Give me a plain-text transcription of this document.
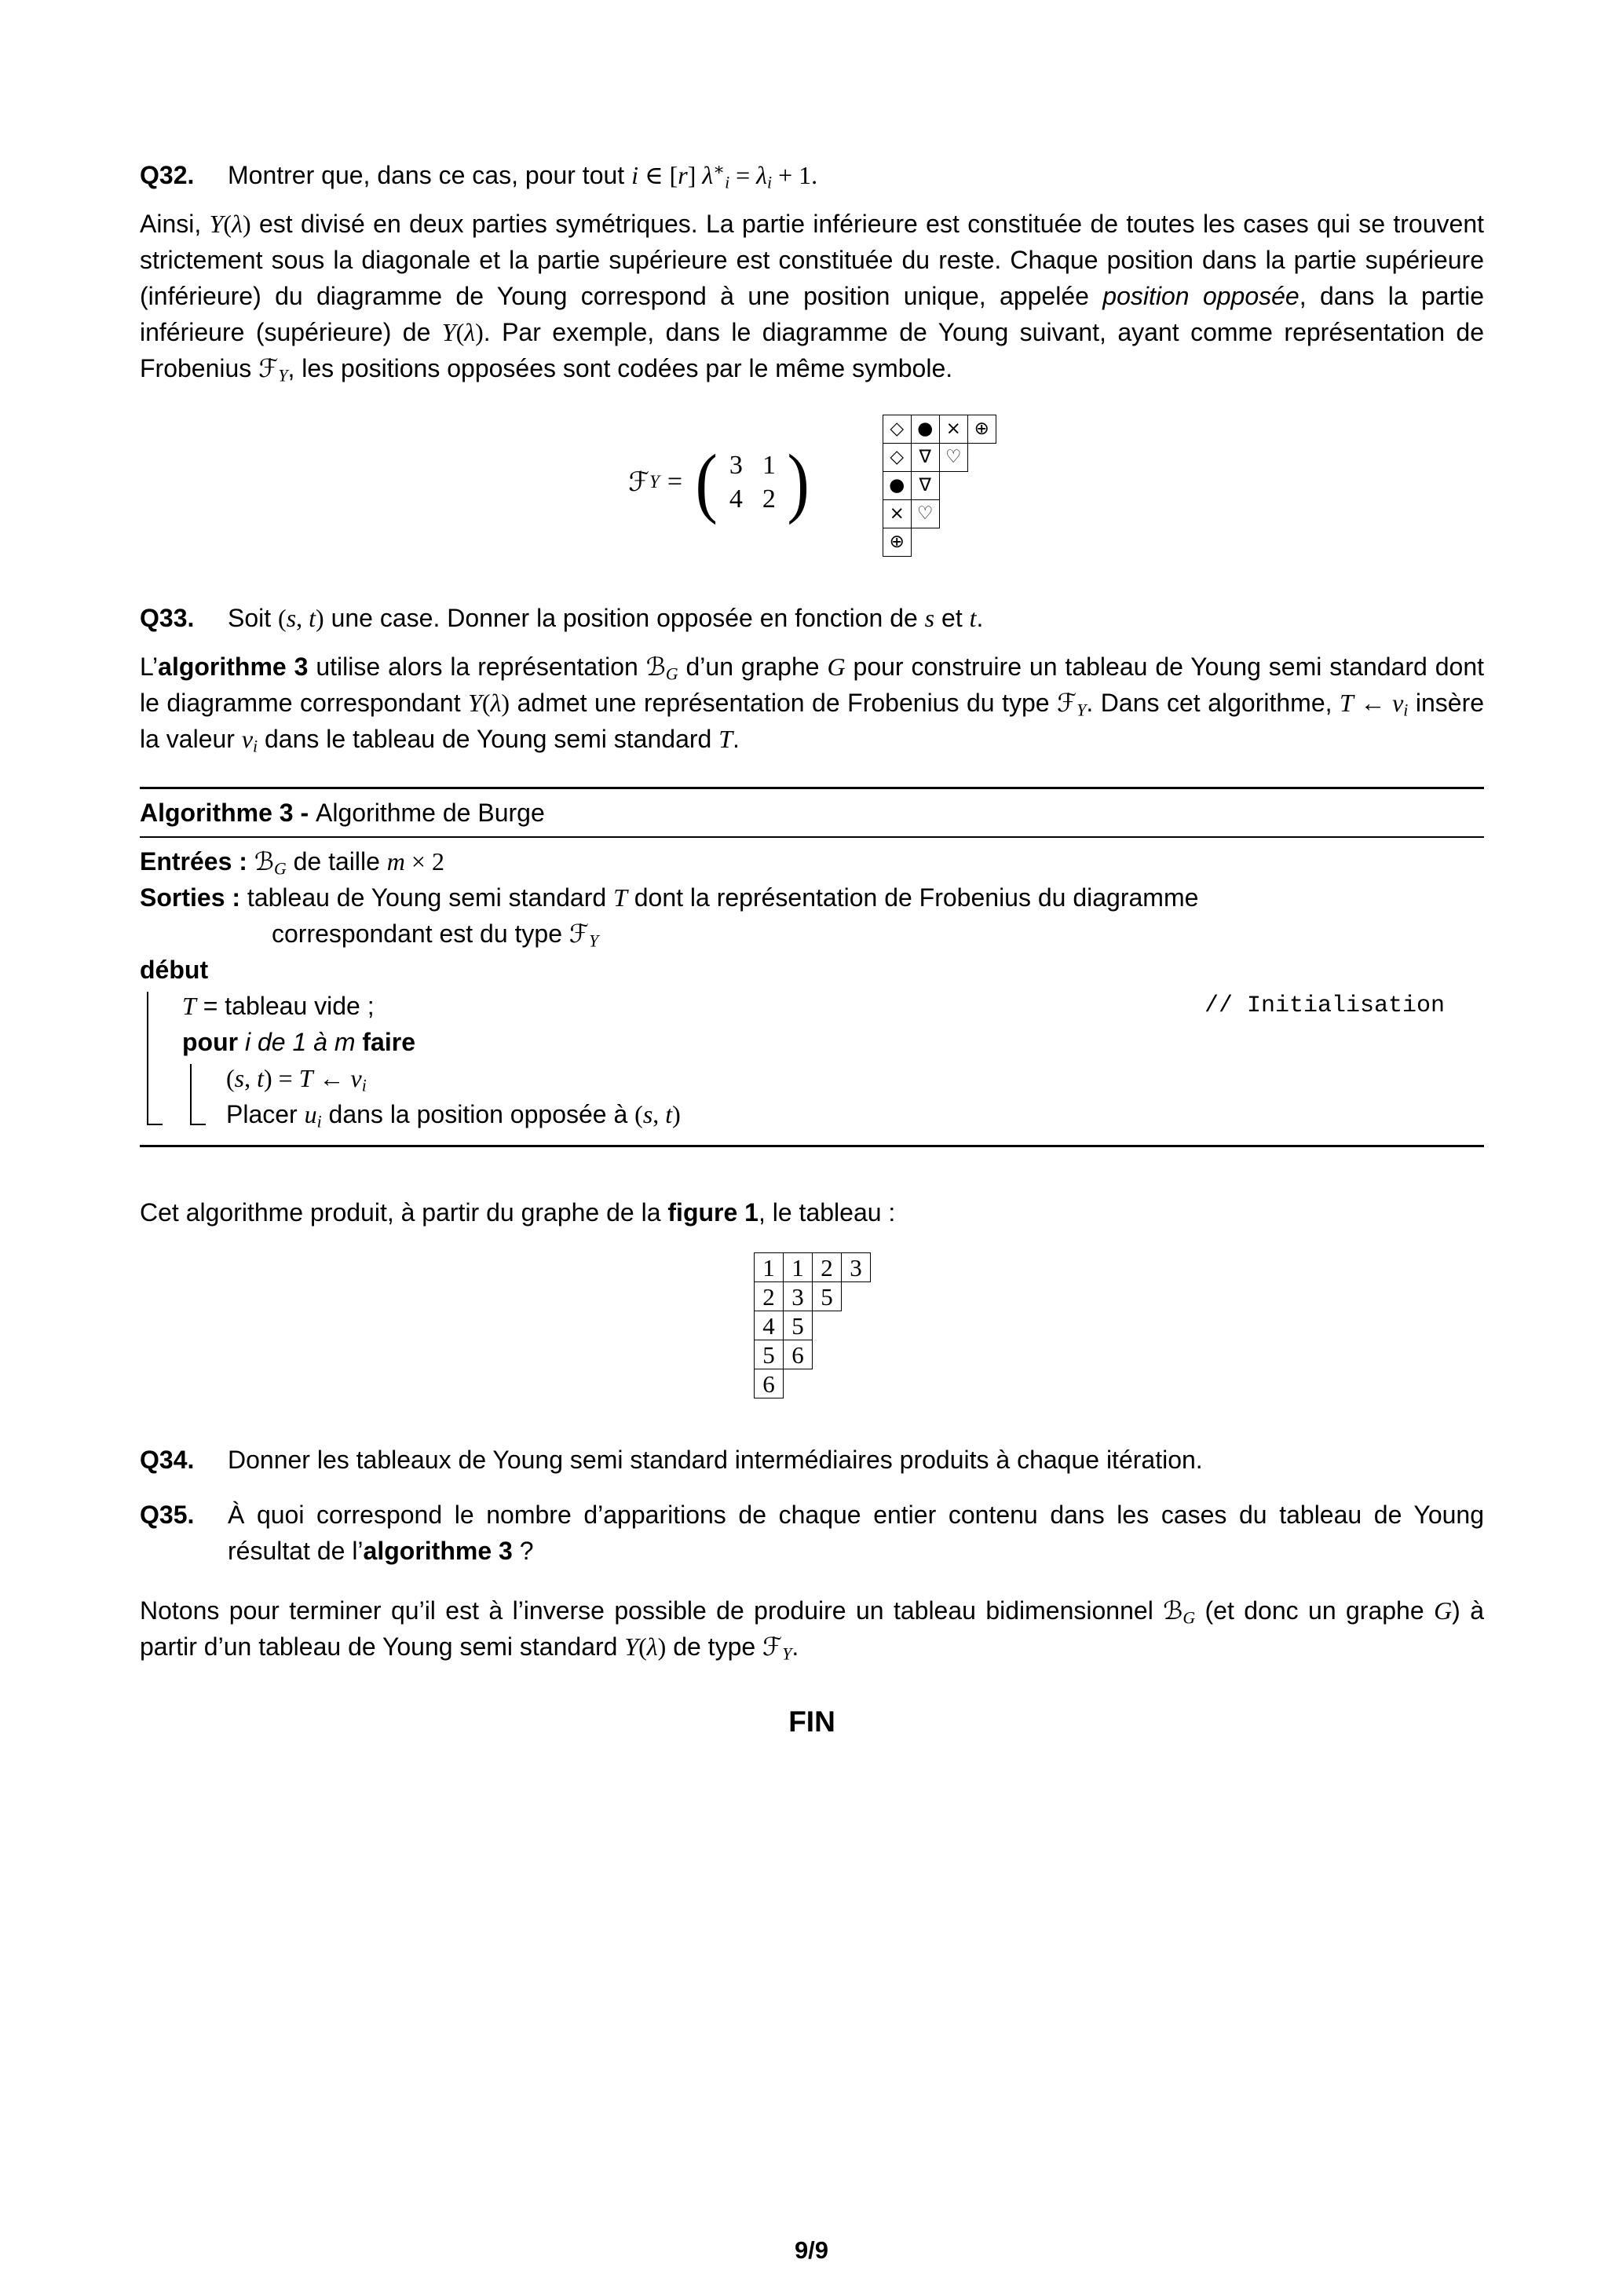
Q32.	Montrer que, dans ce cas, pour tout i ∈ [r] $\lambda^∗_i = \lambda_i + 1$.

Ainsi, Y(λ) est divisé en deux parties symétriques. La partie inférieure est constituée de toutes les cases qui se trouvent strictement sous la diagonale et la partie supérieure est constituée du reste. Chaque position dans la partie supérieure (inférieure) du diagramme de Young correspond à une position unique, appelée position opposée, dans la partie inférieure (supérieure) de Y(λ). Par exemple, dans le diagramme de Young suivant, ayant comme représentation de Frobenius ℱ$_Y$, les positions opposées sont codées par le même symbole.

ℱ Y = ( 3 1
4 2 )
◇ ● × ⊕
◇ ∇ ♡
● ∇
× ♡
⊕
Q33.	Soit (s, t) une case. Donner la position opposée en fonction de s et t.

L’algorithme 3 utilise alors la représentation ℬ$_G$ d’un graphe G pour construire un tableau de Young semi standard dont le diagramme correspondant Y(λ) admet une représentation de Frobenius du type ℱ$_Y$. Dans cet algorithme, T ← $v_i$ insère la valeur $v_i$ dans le tableau de Young semi standard T.

Algorithme 3 - Algorithme de Burge
Entrées : ℬ$_G$ de taille m × 2
Sorties : tableau de Young semi standard T dont la représentation de Frobenius du diagramme
correspondant est du type ℱ$_Y$
début
T = tableau vide ;	// Initialisation
pour i de 1 à m faire
(s, t) = T ← $v_i$
Placer $u_i$ dans la position opposée à (s, t)

Cet algorithme produit, à partir du graphe de la figure 1, le tableau :

1 1 2 3
2 3 5
4 5
5 6
6
Q34.	Donner les tableaux de Young semi standard intermédiaires produits à chaque itération.
Q35.	À quoi correspond le nombre d’apparitions de chaque entier contenu dans les cases du tableau de Young résultat de l’algorithme 3 ?

Notons pour terminer qu’il est à l’inverse possible de produire un tableau bidimensionnel ℬ$_G$ (et donc un graphe G) à partir d’un tableau de Young semi standard Y(λ) de type ℱ$_Y$.

FIN
9/9
